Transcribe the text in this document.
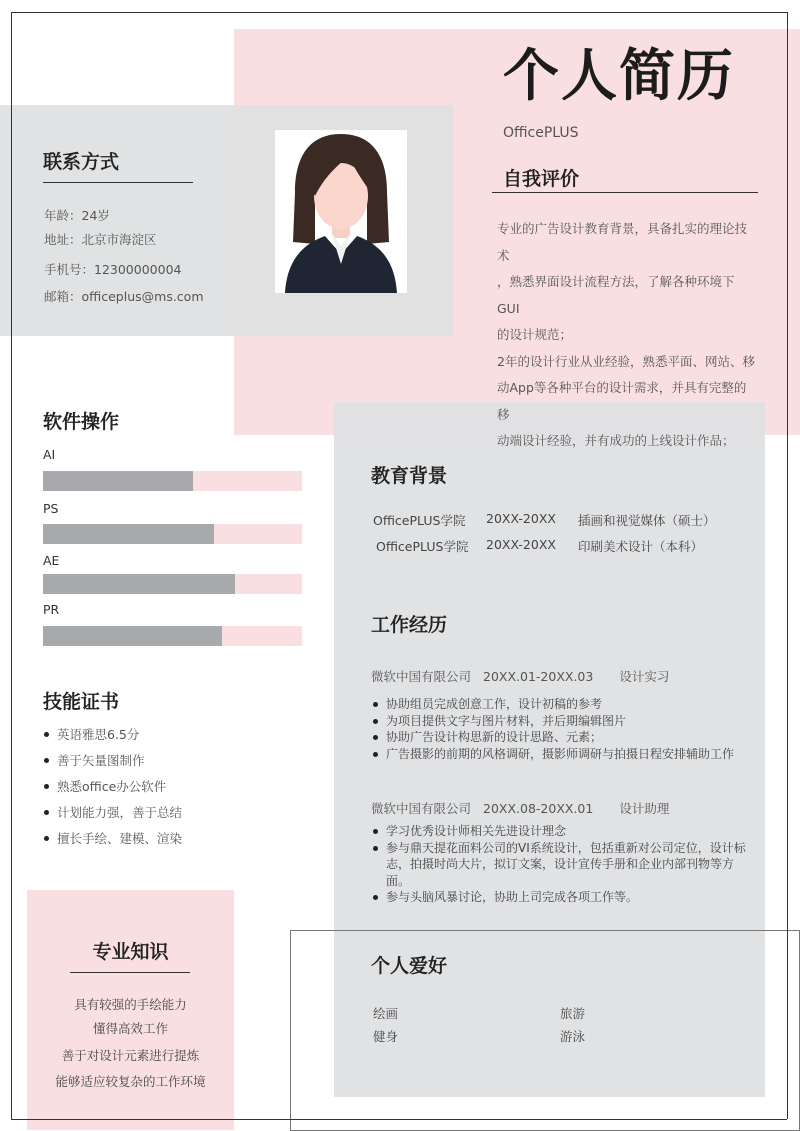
个人简历
OfficePLUS
联系方式
年龄：24岁
地址：北京市海淀区
手机号：12300000004
邮箱：officeplus@ms.com
自我评价
专业的广告设计教育背景，具备扎实的理论技术
，熟悉界面设计流程方法，了解各种环境下GUI
的设计规范；
2年的设计行业从业经验，熟悉平面、网站、移
动App等各种平台的设计需求，并具有完整的移
动端设计经验，并有成功的上线设计作品；
软件操作
AI
PS
AE
PR
技能证书
英语雅思6.5分
善于矢量图制作
熟悉office办公软件
计划能力强，善于总结
擅长手绘、建模、渲染
专业知识
具有较强的手绘能力
懂得高效工作
善于对设计元素进行提炼
能够适应较复杂的工作环境
教育背景
OfficePLUS学院 20XX-20XX 插画和视觉媒体（硕士）
OfficePLUS学院 20XX-20XX 印刷美术设计（本科）
工作经历
微软中国有限公司 20XX.01-20XX.03 设计实习
协助组员完成创意工作，设计初稿的参考
为项目提供文字与图片材料，并后期编辑图片
协助广告设计构思新的设计思路、元素；
广告摄影的前期的风格调研，摄影师调研与拍摄日程安排辅助工作
微软中国有限公司 20XX.08-20XX.01 设计助理
学习优秀设计师相关先进设计理念
参与鼎天提花面料公司的VI系统设计，包括重新对公司定位，设计标志，拍摄时尚大片，拟订文案，设计宣传手册和企业内部刊物等方面。
参与头脑风暴讨论，协助上司完成各项工作等。
个人爱好
绘画	旅游
健身	游泳
